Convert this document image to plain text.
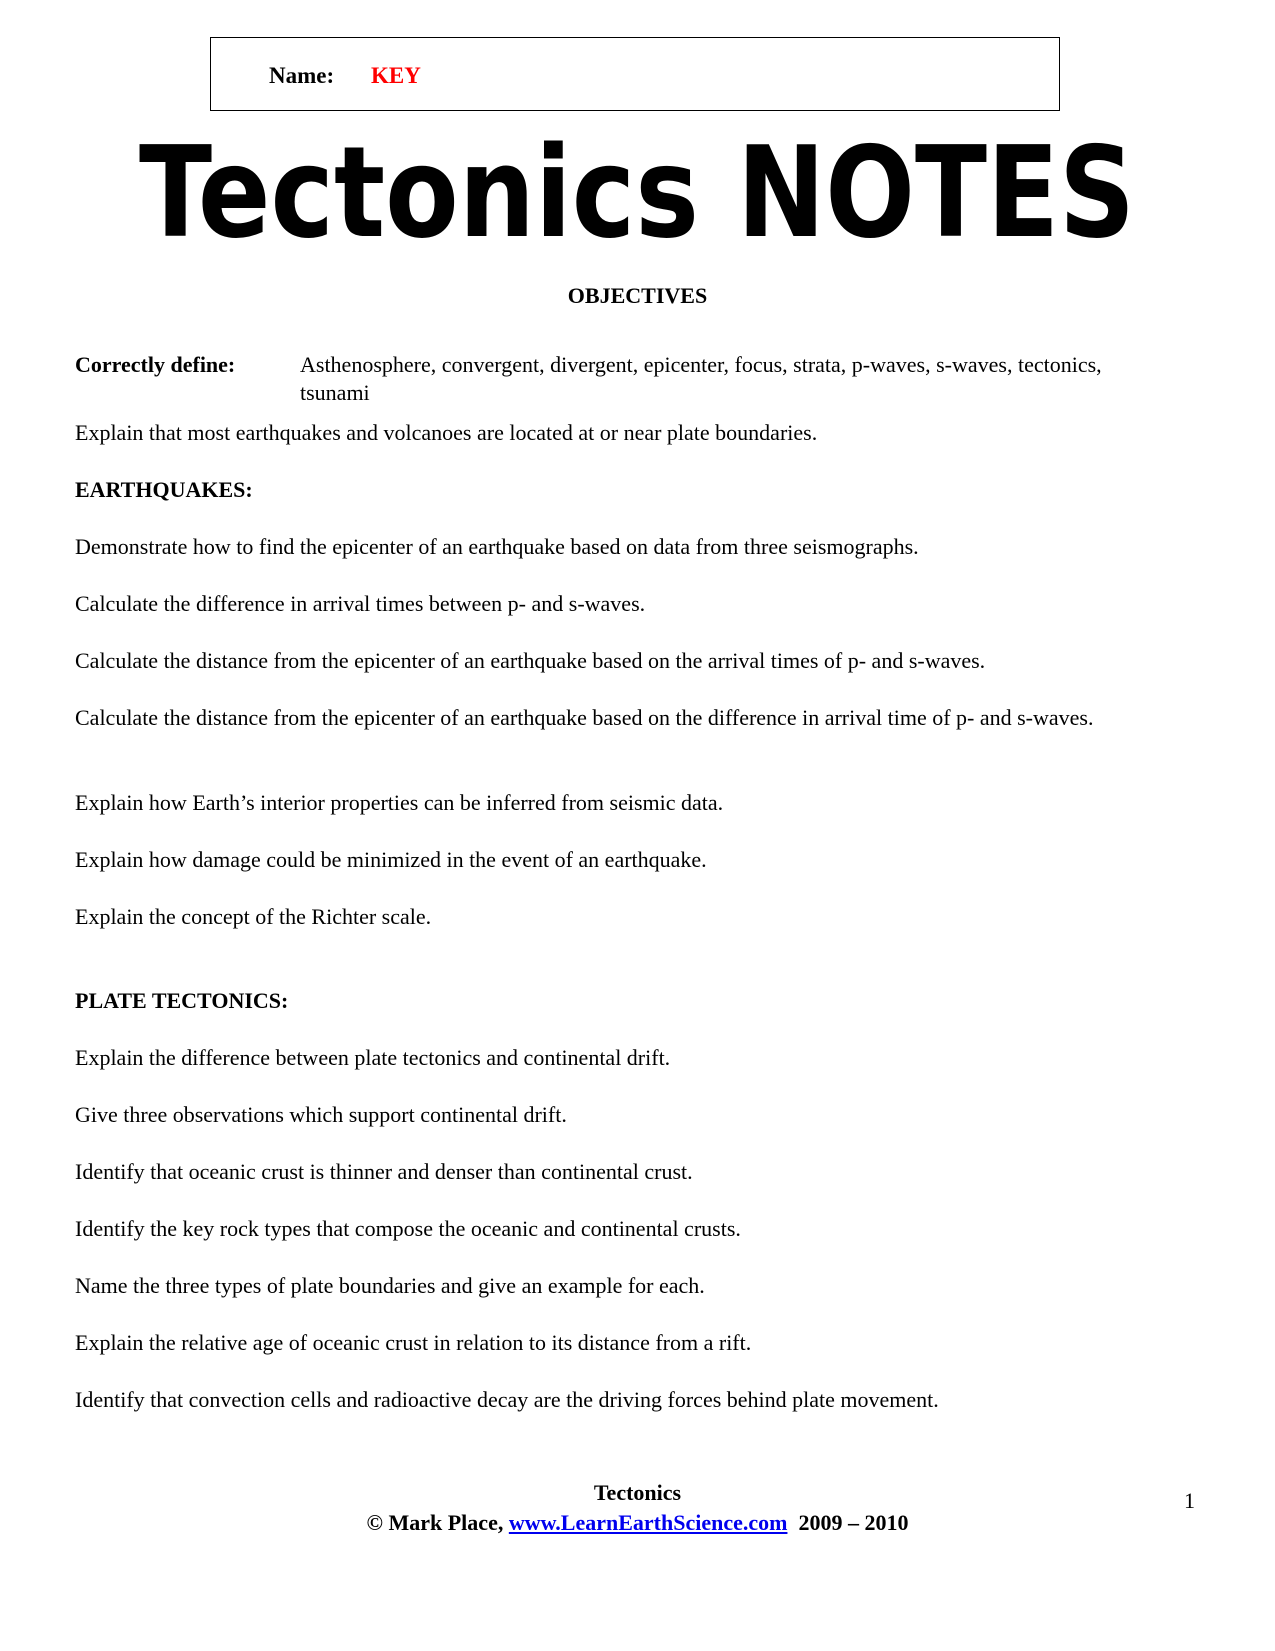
Name: KEY
Tectonics NOTES
OBJECTIVES
Correctly define:	Asthenosphere, convergent, divergent, epicenter, focus, strata, p-waves, s-waves, tectonics, tsunami
Explain that most earthquakes and volcanoes are located at or near plate boundaries.
EARTHQUAKES:
Demonstrate how to find the epicenter of an earthquake based on data from three seismographs.
Calculate the difference in arrival times between p- and s-waves.
Calculate the distance from the epicenter of an earthquake based on the arrival times of p- and s-waves.
Calculate the distance from the epicenter of an earthquake based on the difference in arrival time of p- and s-waves.
Explain how Earth’s interior properties can be inferred from seismic data.
Explain how damage could be minimized in the event of an earthquake.
Explain the concept of the Richter scale.
PLATE TECTONICS:
Explain the difference between plate tectonics and continental drift.
Give three observations which support continental drift.
Identify that oceanic crust is thinner and denser than continental crust.
Identify the key rock types that compose the oceanic and continental crusts.
Name the three types of plate boundaries and give an example for each.
Explain the relative age of oceanic crust in relation to its distance from a rift.
Identify that convection cells and radioactive decay are the driving forces behind plate movement.
Tectonics
© Mark Place, www.LearnEarthScience.com 2009 – 2010
1
